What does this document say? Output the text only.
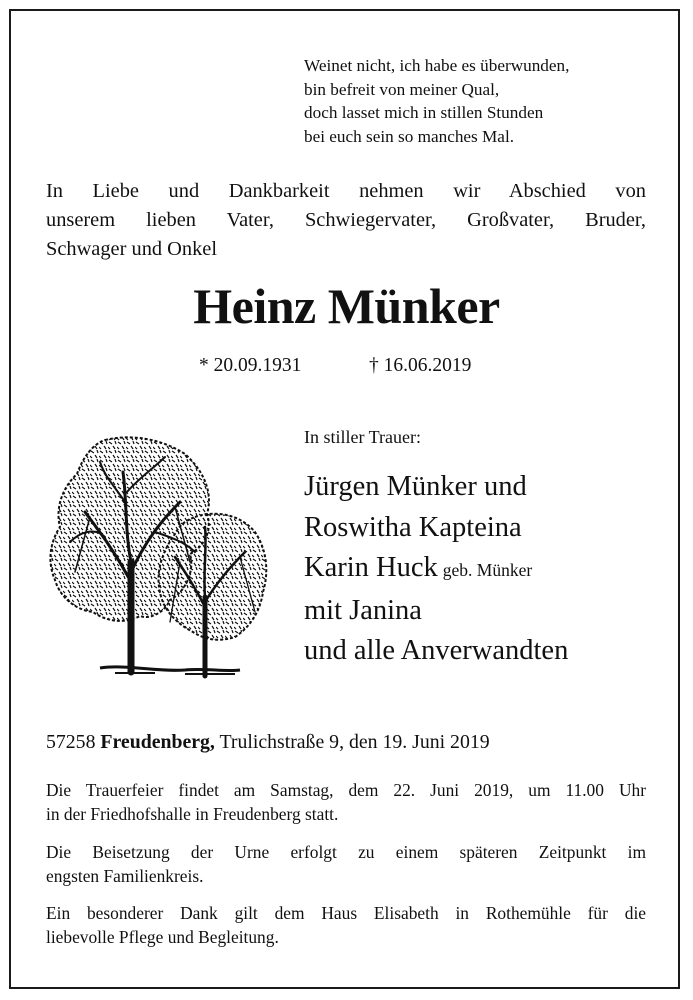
Weinet nicht, ich habe es überwunden,
bin befreit von meiner Qual,
doch lasset mich in stillen Stunden
bei euch sein so manches Mal.
In Liebe und Dankbarkeit nehmen wir Abschied von
unserem lieben Vater, Schwiegervater, Großvater, Bruder,
Schwager und Onkel
Heinz Münker
* 20.09.1931	† 16.06.2019
In stiller Trauer:
Jürgen Münker und
Roswitha Kapteina
Karin Huck geb. Münker
mit Janina
und alle Anverwandten
57258 Freudenberg, Trulichstraße 9, den 19. Juni 2019
Die Trauerfeier findet am Samstag, dem 22. Juni 2019, um 11.00 Uhr
in der Friedhofshalle in Freudenberg statt.
Die Beisetzung der Urne erfolgt zu einem späteren Zeitpunkt im
engsten Familienkreis.
Ein besonderer Dank gilt dem Haus Elisabeth in Rothemühle für die
liebevolle Pflege und Begleitung.
